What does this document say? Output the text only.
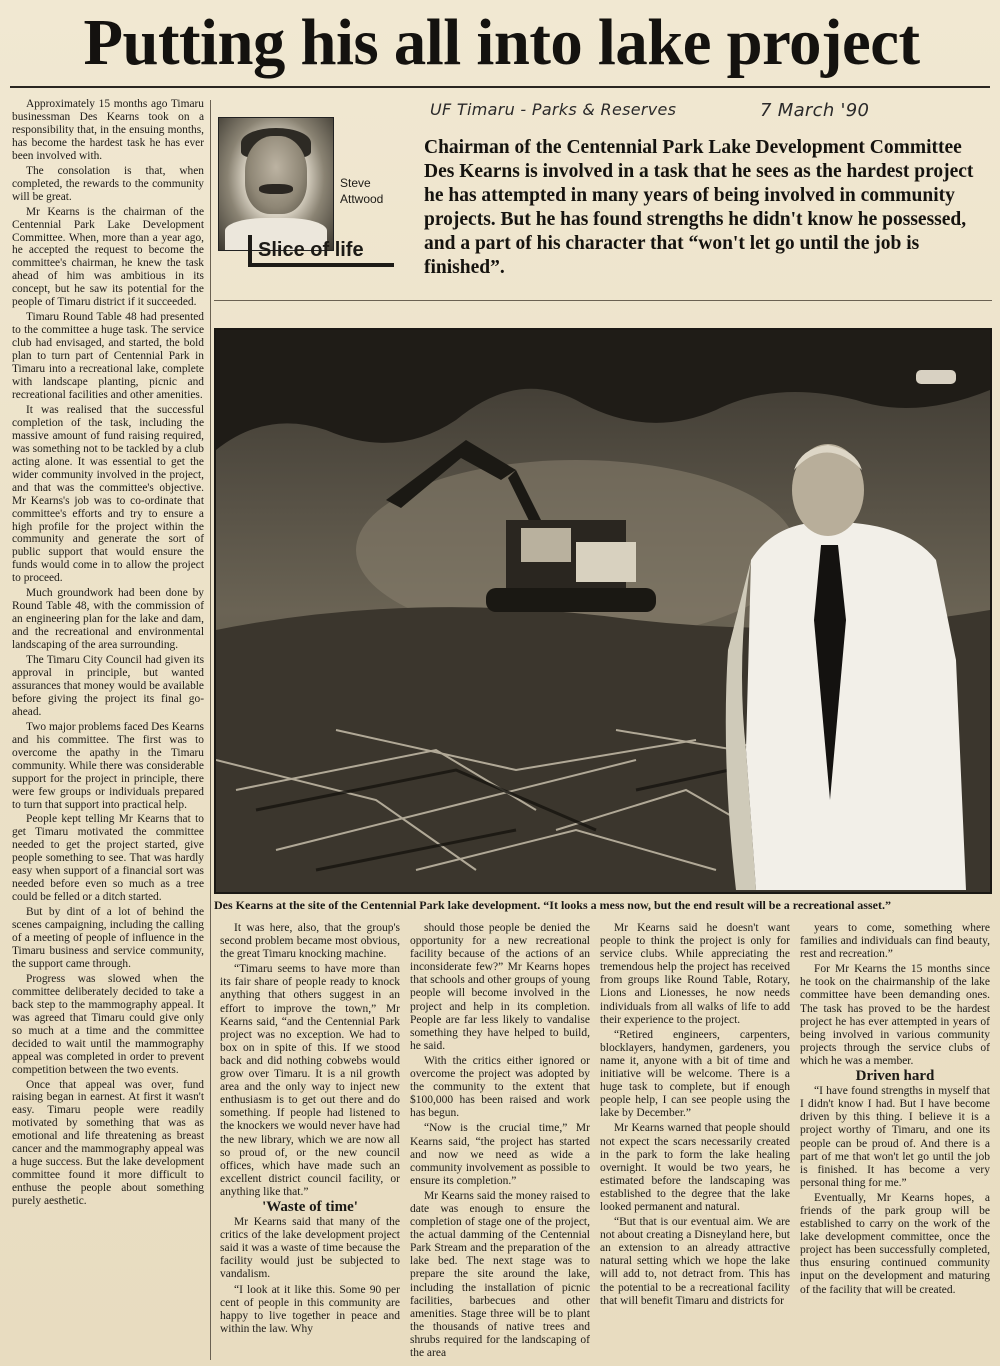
Putting his all into lake project
UF Timaru - Parks & Reserves	7 March '90
Steve
Attwood
Slice of life
Chairman of the Centennial Park Lake Development Committee Des Kearns is involved in a task that he sees as the hardest project he has attempted in many years of being involved in community projects. But he has found strengths he didn't know he possessed, and a part of his character that “won't let go until the job is finished”.
Des Kearns at the site of the Centennial Park lake development. “It looks a mess now, but the end result will be a recreational asset.”

Approximately 15 months ago Timaru businessman Des Kearns took on a responsibility that, in the ensuing months, has become the hardest task he has ever been involved with.

The consolation is that, when completed, the rewards to the community will be great.

Mr Kearns is the chairman of the Centennial Park Lake Development Committee. When, more than a year ago, he accepted the request to become the committee's chairman, he knew the task ahead of him was ambitious in its concept, but he saw its potential for the people of Timaru district if it succeeded.

Timaru Round Table 48 had presented to the committee a huge task. The service club had envisaged, and started, the bold plan to turn part of Centennial Park in Timaru into a recreational lake, complete with landscape planting, picnic and recreational facilities and other amenities.

It was realised that the successful completion of the task, including the massive amount of fund raising required, was something not to be tackled by a club acting alone. It was essential to get the wider community involved in the project, and that was the committee's objective. Mr Kearns's job was to co-ordinate that committee's efforts and try to ensure a high profile for the project within the community and generate the sort of public support that would ensure the funds would come in to allow the project to proceed.

Much groundwork had been done by Round Table 48, with the commission of an engineering plan for the lake and dam, and the recreational and environmental landscaping of the area surrounding.

The Timaru City Council had given its approval in principle, but wanted assurances that money would be available before giving the project its final go-ahead.

Two major problems faced Des Kearns and his committee. The first was to overcome the apathy in the Timaru community. While there was considerable support for the project in principle, there were few groups or individuals prepared to turn that support into practical help.

People kept telling Mr Kearns that to get Timaru motivated the committee needed to get the project started, give people something to see. That was hardly easy when support of a financial sort was needed before even so much as a tree could be felled or a ditch started.

But by dint of a lot of behind the scenes campaigning, including the calling of a meeting of people of influence in the Timaru business and service community, the support came through.

Progress was slowed when the committee deliberately decided to take a back step to the mammography appeal. It was agreed that Timaru could give only so much at a time and the committee decided to wait until the mammography appeal was completed in order to prevent competition between the two events.

Once that appeal was over, fund raising began in earnest. At first it wasn't easy. Timaru people were readily motivated by something that was as emotional and life threatening as breast cancer and the mammography appeal was a huge success. But the lake development committee found it more difficult to enthuse the people about something purely aesthetic.

It was here, also, that the group's second problem became most obvious, the great Timaru knocking machine.

“Timaru seems to have more than its fair share of people ready to knock anything that others suggest in an effort to improve the town,” Mr Kearns said, “and the Centennial Park project was no exception. We had to box on in spite of this. If we stood back and did nothing cobwebs would grow over Timaru. It is a nil growth area and the only way to inject new enthusiasm is to get out there and do something. If people had listened to the knockers we would never have had the new library, which we are now all so proud of, or the new council offices, which have made such an excellent district council facility, or anything like that.”

'Waste of time'

Mr Kearns said that many of the critics of the lake development project said it was a waste of time because the facility would just be subjected to vandalism.

“I look at it like this. Some 90 per cent of people in this community are happy to live together in peace and within the law. Why

should those people be denied the opportunity for a new recreational facility because of the actions of an inconsiderate few?” Mr Kearns hopes that schools and other groups of young people will become involved in the project and help in its completion. People are far less likely to vandalise something they have helped to build, he said.

With the critics either ignored or overcome the project was adopted by the community to the extent that $100,000 has been raised and work has begun.

“Now is the crucial time,” Mr Kearns said, “the project has started and now we need as wide a community involvement as possible to ensure its completion.”

Mr Kearns said the money raised to date was enough to ensure the completion of stage one of the project, the actual damming of the Centennial Park Stream and the preparation of the lake bed. The next stage was to prepare the site around the lake, including the installation of picnic facilities, barbecues and other amenities. Stage three will be to plant the thousands of native trees and shrubs required for the landscaping of the area

Mr Kearns said he doesn't want people to think the project is only for service clubs. While appreciating the tremendous help the project has received from groups like Round Table, Rotary, Lions and Lionesses, he now needs individuals from all walks of life to add their experience to the project.

“Retired engineers, carpenters, blocklayers, handymen, gardeners, you name it, anyone with a bit of time and initiative will be welcome. There is a huge task to complete, but if enough people help, I can see people using the lake by December.”

Mr Kearns warned that people should not expect the scars necessarily created in the park to form the lake healing overnight. It would be two years, he estimated before the landscaping was established to the degree that the lake looked permanent and natural.

“But that is our eventual aim. We are not about creating a Disneyland here, but an extension to an already attractive natural setting which we hope the lake will add to, not detract from. This has the potential to be a recreational facility that will benefit Timaru and districts for

years to come, something where families and individuals can find beauty, rest and recreation.”

For Mr Kearns the 15 months since he took on the chairmanship of the lake committee have been demanding ones. The task has proved to be the hardest project he has ever attempted in years of being involved in various community projects through the service clubs of which he was a member.

Driven hard

“I have found strengths in myself that I didn't know I had. But I have become driven by this thing. I believe it is a project worthy of Timaru, and one its people can be proud of. And there is a part of me that won't let go until the job is finished. It has become a very personal thing for me.”

Eventually, Mr Kearns hopes, a friends of the park group will be established to carry on the work of the lake development committee, once the project has been successfully completed, thus ensuring continued community input on the development and maturing of the facility that will be created.
